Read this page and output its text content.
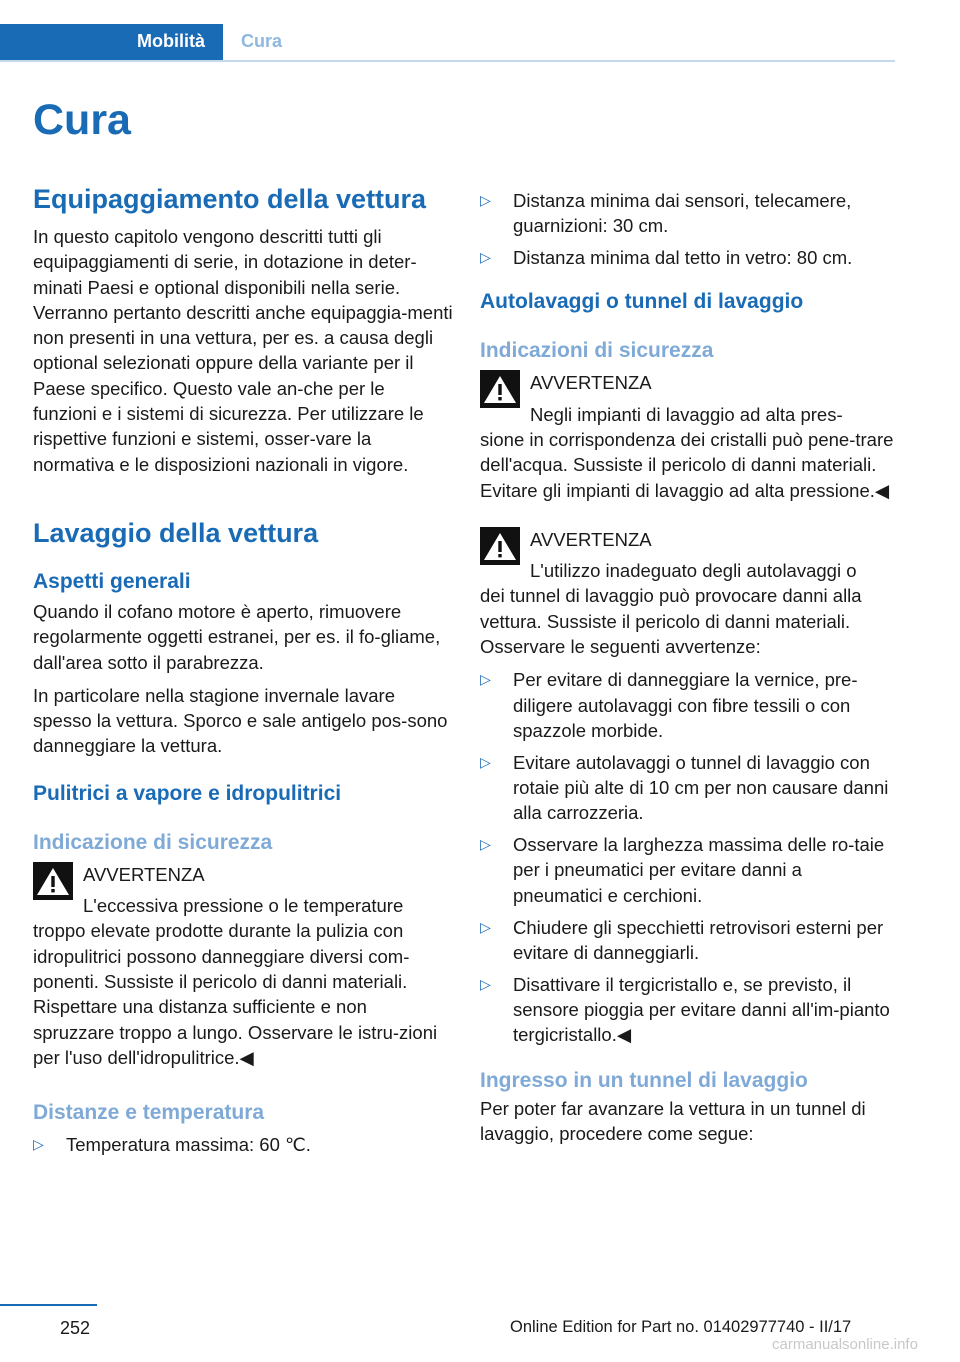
Mobilità Cura
Cura
Equipaggiamento della vettura

In questo capitolo vengono descritti tutti gli equipaggiamenti di serie, in dotazione in deter‐minati Paesi e optional disponibili nella serie. Verranno pertanto descritti anche equipaggia‐menti non presenti in una vettura, per es. a causa degli optional selezionati oppure della variante per il Paese specifico. Questo vale an‐che per le funzioni e i sistemi di sicurezza. Per utilizzare le rispettive funzioni e sistemi, osser‐vare la normativa e le disposizioni nazionali in vigore.

Lavaggio della vettura
Aspetti generali

Quando il cofano motore è aperto, rimuovere regolarmente oggetti estranei, per es. il fo‐gliame, dall'area sotto il parabrezza.

In particolare nella stagione invernale lavare spesso la vettura. Sporco e sale antigelo pos‐sono danneggiare la vettura.

Pulitrici a vapore e idropulitrici
Indicazione di sicurezza
AVVERTENZA
L'eccessiva pressione o le temperature

troppo elevate prodotte durante la pulizia con idropulitrici possono danneggiare diversi com‐ponenti. Sussiste il pericolo di danni materiali. Rispettare una distanza sufficiente e non spruzzare troppo a lungo. Osservare le istru‐zioni per l'uso dell'idropulitrice.◀

Distanze e temperatura
▷ Temperatura massima: 60 ℃.
▷ Distanza minima dai sensori, telecamere, guarnizioni: 30 cm.
▷ Distanza minima dal tetto in vetro: 80 cm.
Autolavaggi o tunnel di lavaggio
Indicazioni di sicurezza
AVVERTENZA
Negli impianti di lavaggio ad alta pres‐

sione in corrispondenza dei cristalli può pene‐trare dell'acqua. Sussiste il pericolo di danni materiali. Evitare gli impianti di lavaggio ad alta pressione.◀

AVVERTENZA
L'utilizzo inadeguato degli autolavaggi o

dei tunnel di lavaggio può provocare danni alla vettura. Sussiste il pericolo di danni materiali. Osservare le seguenti avvertenze:

▷ Per evitare di danneggiare la vernice, pre‐diligere autolavaggi con fibre tessili o con spazzole morbide.
▷ Evitare autolavaggi o tunnel di lavaggio con rotaie più alte di 10 cm per non causare danni alla carrozzeria.
▷ Osservare la larghezza massima delle ro‐taie per i pneumatici per evitare danni a pneumatici e cerchioni.
▷ Chiudere gli specchietti retrovisori esterni per evitare di danneggiarli.
▷ Disattivare il tergicristallo e, se previsto, il sensore pioggia per evitare danni all'im‐pianto tergicristallo.◀
Ingresso in un tunnel di lavaggio

Per poter far avanzare la vettura in un tunnel di lavaggio, procedere come segue:

252	Online Edition for Part no. 01402977740 - II/17
carmanualsonline.info
